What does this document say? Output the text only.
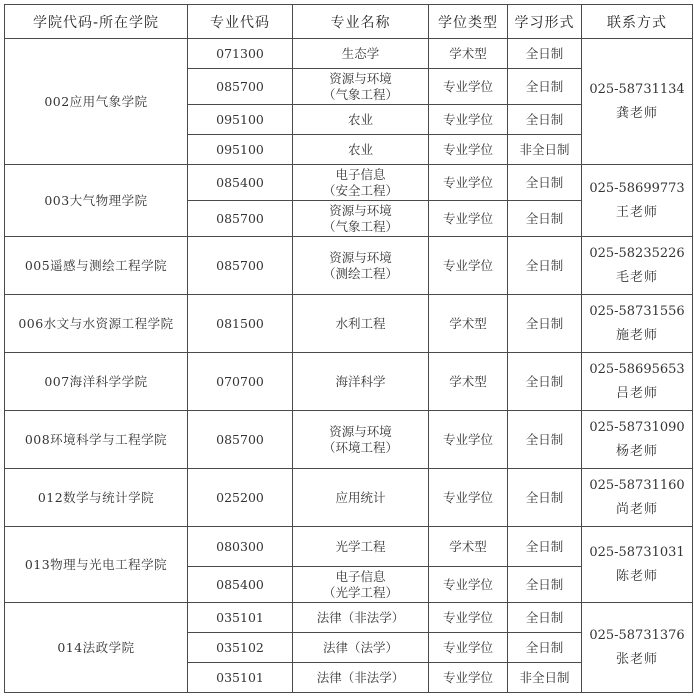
学院代码-所在学院	专业代码	专业名称	学位类型	学习形式	联系方式
002应用气象学院	071300	生态学	学术型	全日制	025-58731134
龚老师

	085700	资源与环境
（气象工程）	专业学位	全日制	
	095100	农业	专业学位	全日制	
	095100	农业	专业学位	非全日制	
003大气物理学院	085400	电子信息
（安全工程）	专业学位	全日制	025-58699773
王老师

	085700	资源与环境
（气象工程）	专业学位	全日制	
005遥感与测绘工程学院	085700	资源与环境
（测绘工程）	专业学位	全日制	025-58235226
毛老师

006水文与水资源工程学院	081500	水利工程	学术型	全日制	025-58731556
施老师

007海洋科学学院	070700	海洋科学	学术型	全日制	025-58695653
吕老师

008环境科学与工程学院	085700	资源与环境
（环境工程）	专业学位	全日制	025-58731090
杨老师

012数学与统计学院	025200	应用统计	专业学位	全日制	025-58731160
尚老师

013物理与光电工程学院	080300	光学工程	学术型	全日制	025-58731031
陈老师

	085400	电子信息
（光学工程）	专业学位	全日制	
014法政学院	035101	法律（非法学）	专业学位	全日制	025-58731376
张老师

	035102	法律（法学）	专业学位	全日制	
	035101	法律（非法学）	专业学位	非全日制	
